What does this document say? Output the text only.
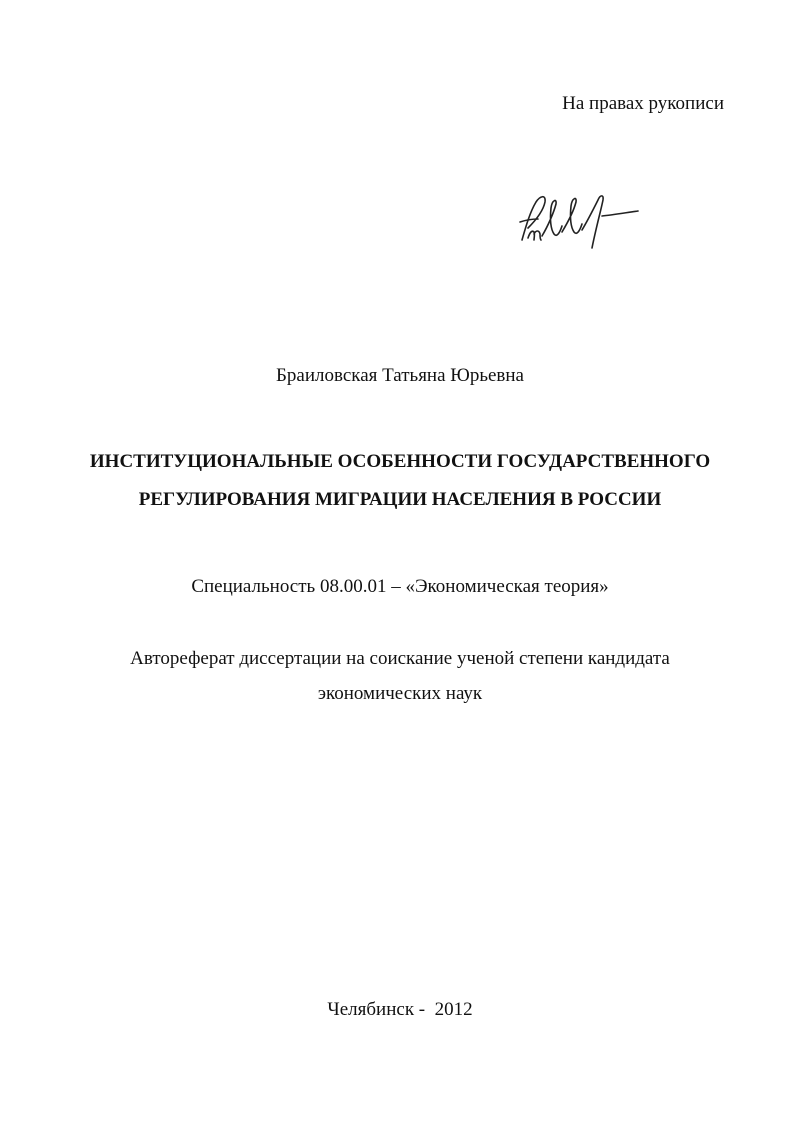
На правах рукописи
Браиловская Татьяна Юрьевна
ИНСТИТУЦИОНАЛЬНЫЕ ОСОБЕННОСТИ ГОСУДАРСТВЕННОГО
РЕГУЛИРОВАНИЯ МИГРАЦИИ НАСЕЛЕНИЯ В РОССИИ
Специальность 08.00.01 – «Экономическая теория»
Автореферат диссертации на соискание ученой степени кандидата
экономических наук
Челябинск -  2012
